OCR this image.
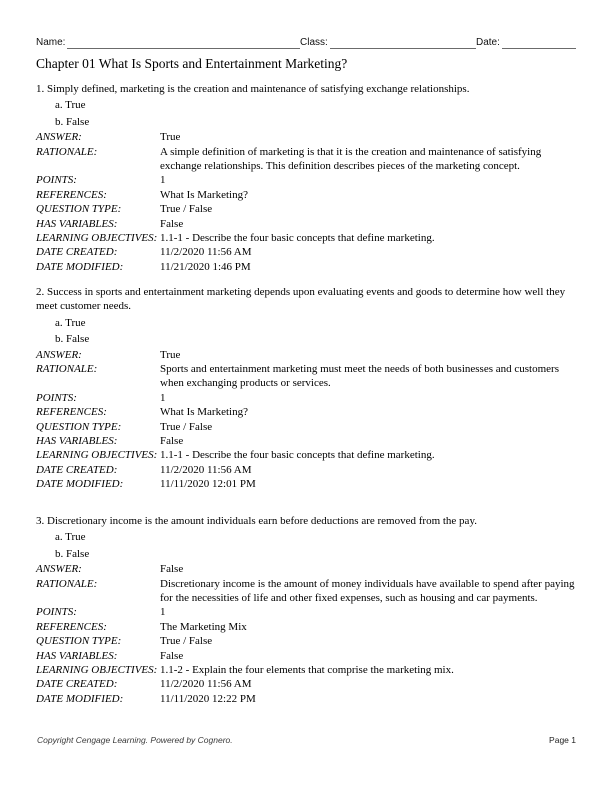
Name:	Class:	Date:
Chapter 01 What Is Sports and Entertainment Marketing?

1. Simply defined, marketing is the creation and maintenance of satisfying exchange relationships.

a. True
b. False
ANSWER:	True
RATIONALE:	A simple definition of marketing is that it is the creation and maintenance of satisfying exchange relationships. This definition describes pieces of the marketing concept.
POINTS:	1
REFERENCES:	What Is Marketing?
QUESTION TYPE:	True / False
HAS VARIABLES:	False
LEARNING OBJECTIVES: 1.1-1 - Describe the four basic concepts that define marketing.
DATE CREATED:	11/2/2020 11:56 AM
DATE MODIFIED:	11/21/2020 1:46 PM

2. Success in sports and entertainment marketing depends upon evaluating events and goods to determine how well they meet customer needs.

a. True
b. False
ANSWER:	True
RATIONALE:	Sports and entertainment marketing must meet the needs of both businesses and customers when exchanging products or services.
POINTS:	1
REFERENCES:	What Is Marketing?
QUESTION TYPE:	True / False
HAS VARIABLES:	False
LEARNING OBJECTIVES: 1.1-1 - Describe the four basic concepts that define marketing.
DATE CREATED:	11/2/2020 11:56 AM
DATE MODIFIED:	11/11/2020 12:01 PM

3. Discretionary income is the amount individuals earn before deductions are removed from the pay.

a. True
b. False
ANSWER:	False
RATIONALE:	Discretionary income is the amount of money individuals have available to spend after paying for the necessities of life and other fixed expenses, such as housing and car payments.
POINTS:	1
REFERENCES:	The Marketing Mix
QUESTION TYPE:	True / False
HAS VARIABLES:	False
LEARNING OBJECTIVES: 1.1-2 - Explain the four elements that comprise the marketing mix.
DATE CREATED:	11/2/2020 11:56 AM
DATE MODIFIED:	11/11/2020 12:22 PM
Copyright Cengage Learning. Powered by Cognero.	Page 1
